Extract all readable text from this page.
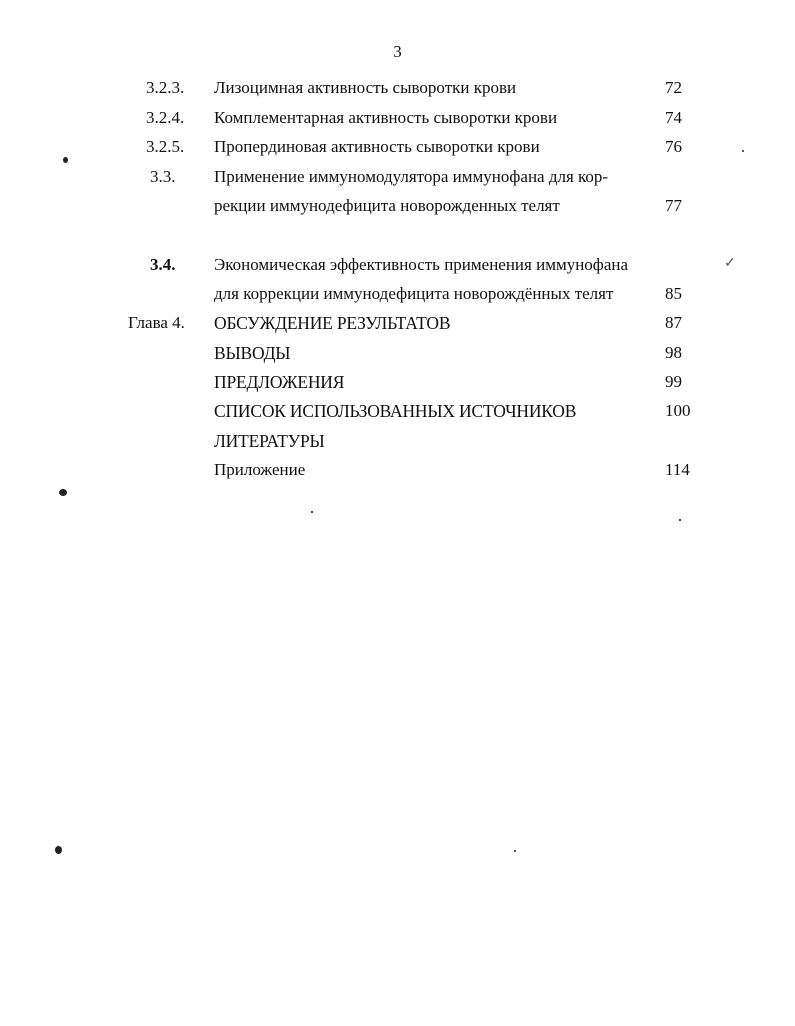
3
3.2.3. Лизоцимная активность сыворотки крови	72
3.2.4. Комплементарная активность сыворотки крови	74
3.2.5. Пропердиновая активность сыворотки крови	76
3.3. Применение иммуномодулятора иммунофана для кор-
рекции иммунодефицита новорожденных телят	77
3.4. Экономическая эффективность применения иммунофана
для коррекции иммунодефицита новорождённых телят	85
Глава 4. ОБСУЖДЕНИЕ РЕЗУЛЬТАТОВ	87
ВЫВОДЫ	98
ПРЕДЛОЖЕНИЯ	99
СПИСОК ИСПОЛЬЗОВАННЫХ ИСТОЧНИКОВ	100
ЛИТЕРАТУРЫ
Приложение	114
✓
